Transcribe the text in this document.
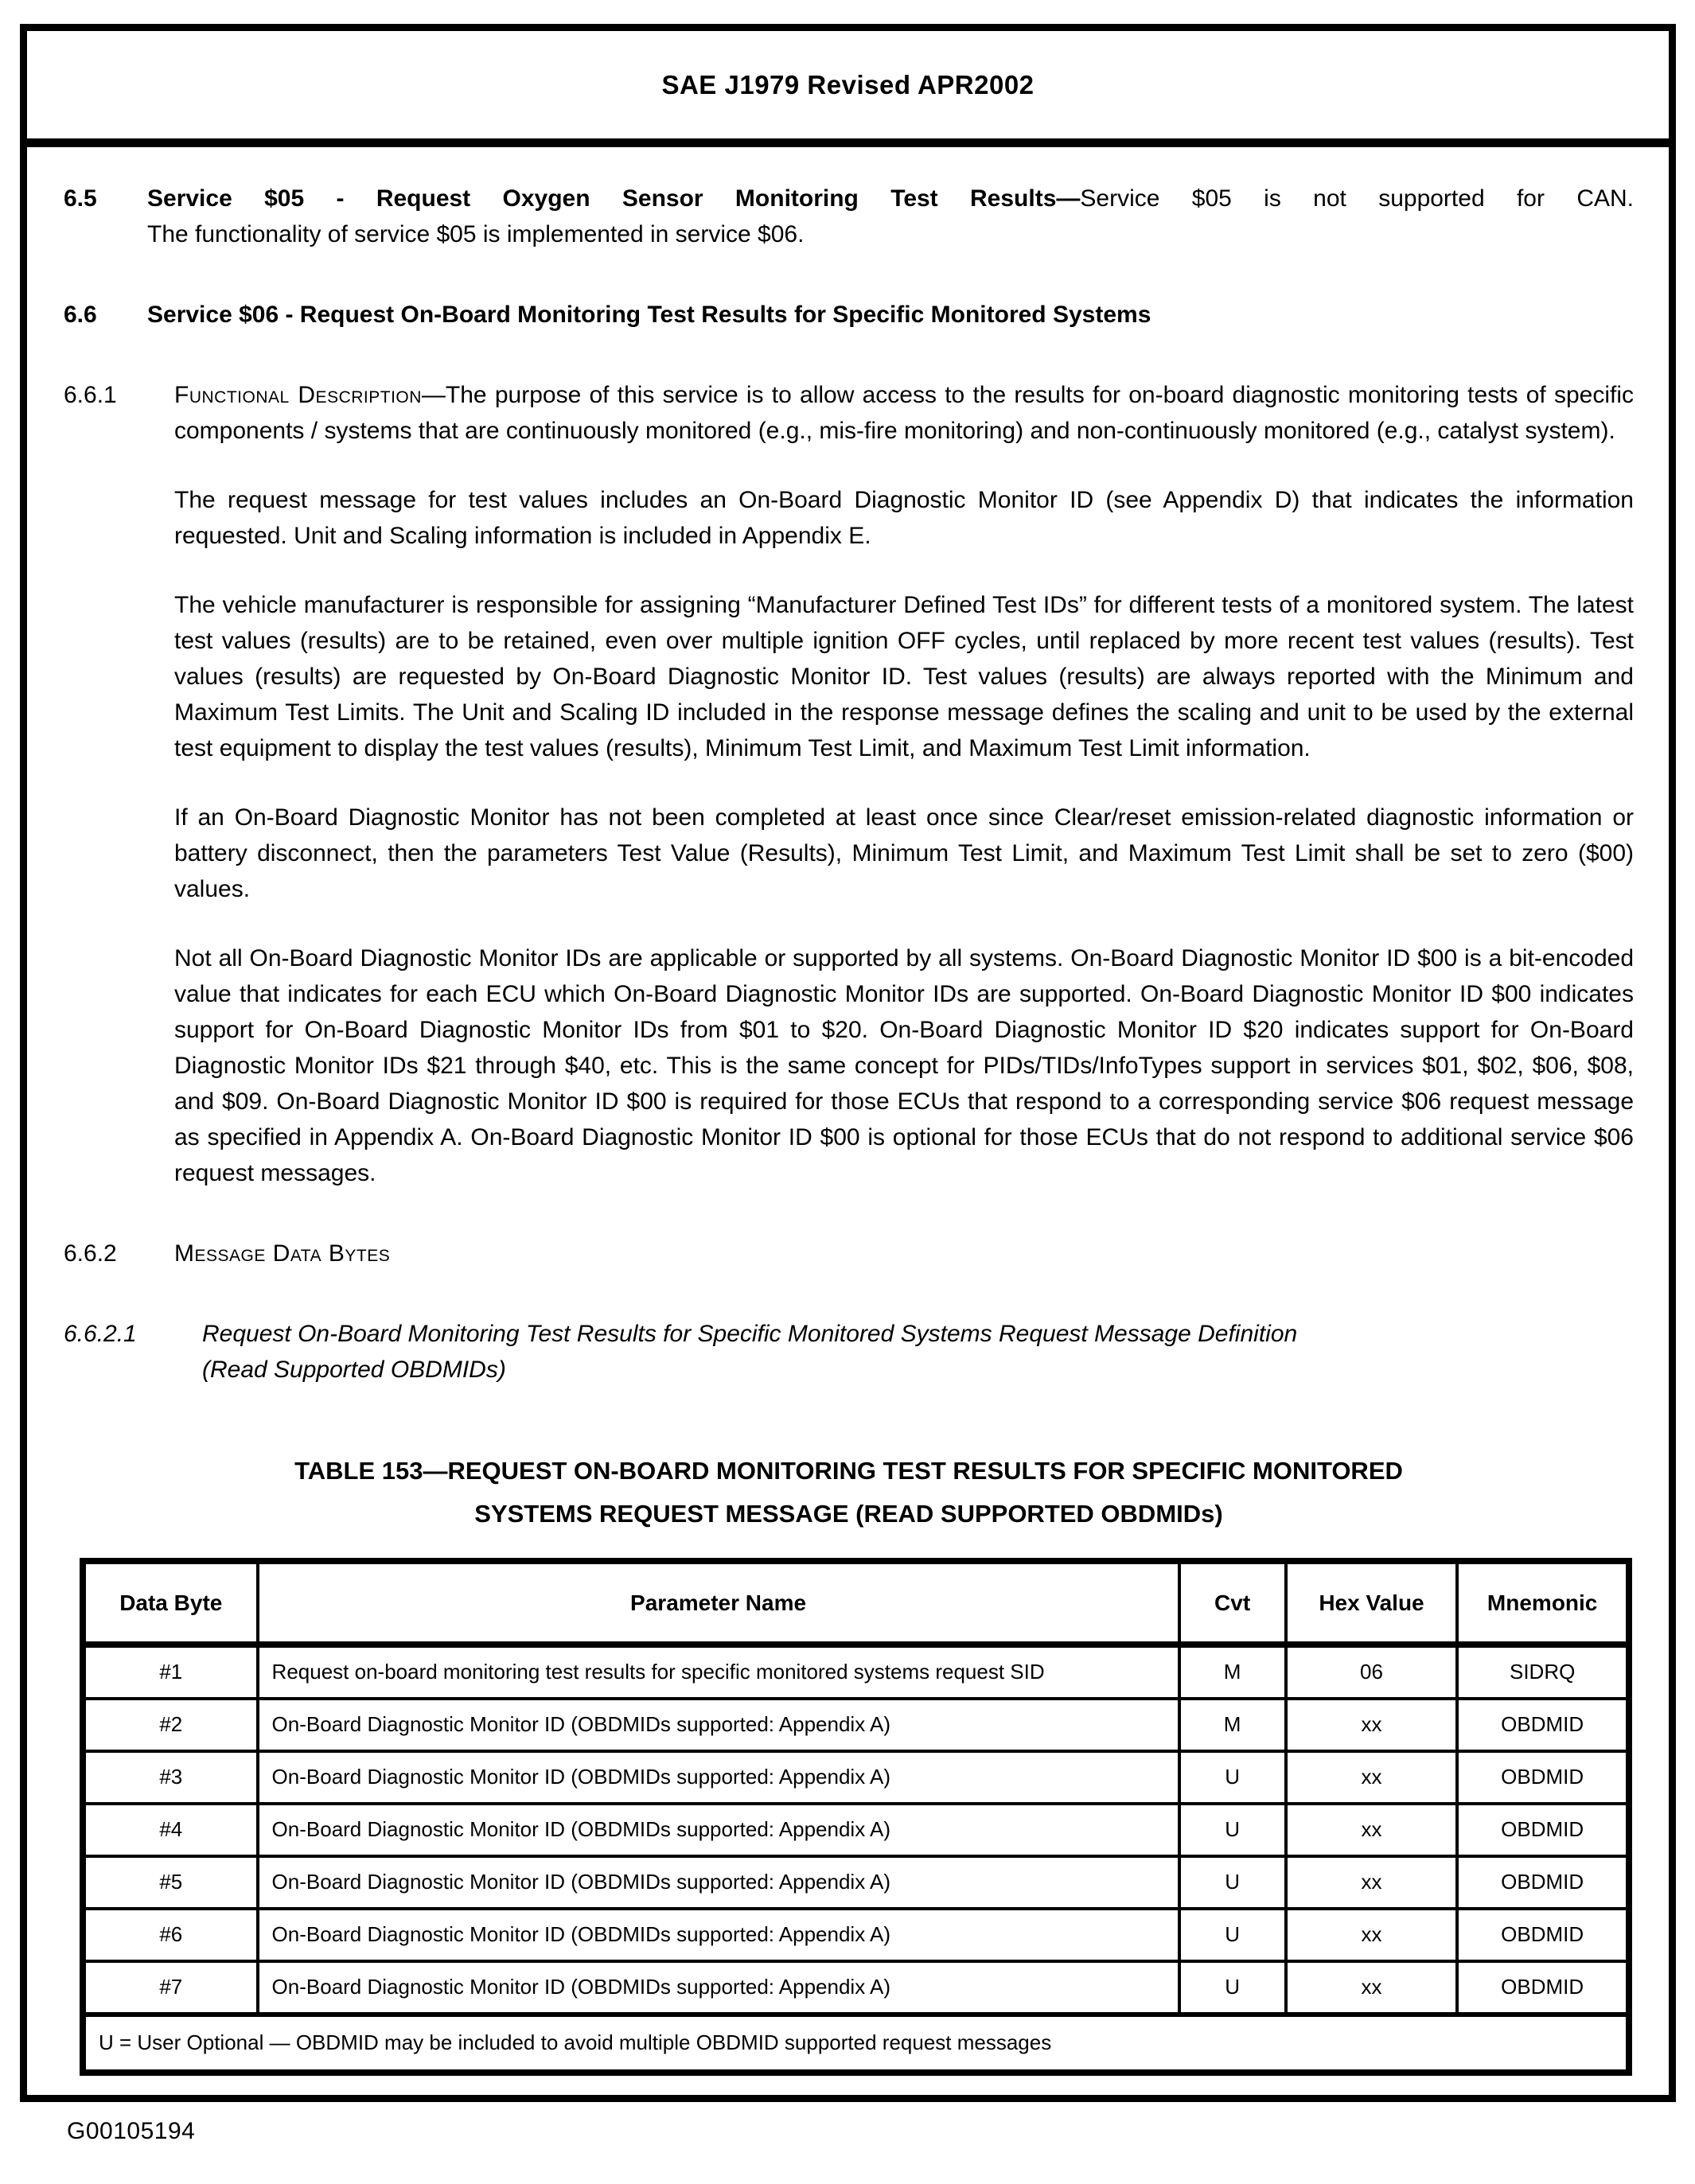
SAE J1979 Revised APR2002
6.5	Service $05 - Request Oxygen Sensor Monitoring Test Results—Service $05 is not supported for CAN.
The functionality of service $05 is implemented in service $06.
6.6	Service $06 - Request On-Board Monitoring Test Results for Specific Monitored Systems
6.6.1	Functional Description—The purpose of this service is to allow access to the results for on-board diagnostic monitoring tests of specific components / systems that are continuously monitored (e.g., mis-fire monitoring) and non-continuously monitored (e.g., catalyst system).
The request message for test values includes an On-Board Diagnostic Monitor ID (see Appendix D) that indicates the information requested. Unit and Scaling information is included in Appendix E.
The vehicle manufacturer is responsible for assigning “Manufacturer Defined Test IDs” for different tests of a monitored system. The latest test values (results) are to be retained, even over multiple ignition OFF cycles, until replaced by more recent test values (results). Test values (results) are requested by On-Board Diagnostic Monitor ID. Test values (results) are always reported with the Minimum and Maximum Test Limits. The Unit and Scaling ID included in the response message defines the scaling and unit to be used by the external test equipment to display the test values (results), Minimum Test Limit, and Maximum Test Limit information.
If an On-Board Diagnostic Monitor has not been completed at least once since Clear/reset emission-related diagnostic information or battery disconnect, then the parameters Test Value (Results), Minimum Test Limit, and Maximum Test Limit shall be set to zero ($00) values.
Not all On-Board Diagnostic Monitor IDs are applicable or supported by all systems. On-Board Diagnostic Monitor ID $00 is a bit-encoded value that indicates for each ECU which On-Board Diagnostic Monitor IDs are supported. On-Board Diagnostic Monitor ID $00 indicates support for On-Board Diagnostic Monitor IDs from $01 to $20. On-Board Diagnostic Monitor ID $20 indicates support for On-Board Diagnostic Monitor IDs $21 through $40, etc. This is the same concept for PIDs/TIDs/InfoTypes support in services $01, $02, $06, $08, and $09. On-Board Diagnostic Monitor ID $00 is required for those ECUs that respond to a corresponding service $06 request message as specified in Appendix A. On-Board Diagnostic Monitor ID $00 is optional for those ECUs that do not respond to additional service $06 request messages.
6.6.2	Message Data Bytes
6.6.2.1	Request On-Board Monitoring Test Results for Specific Monitored Systems Request Message Definition
(Read Supported OBDMIDs)
TABLE 153—REQUEST ON-BOARD MONITORING TEST RESULTS FOR SPECIFIC MONITORED
SYSTEMS REQUEST MESSAGE (READ SUPPORTED OBDMIDs)
Data Byte	Parameter Name	Cvt	Hex Value	Mnemonic
#1	Request on-board monitoring test results for specific monitored systems request SID	M	06	SIDRQ
#2	On-Board Diagnostic Monitor ID (OBDMIDs supported: Appendix A)	M	xx	OBDMID
#3	On-Board Diagnostic Monitor ID (OBDMIDs supported: Appendix A)	U	xx	OBDMID
#4	On-Board Diagnostic Monitor ID (OBDMIDs supported: Appendix A)	U	xx	OBDMID
#5	On-Board Diagnostic Monitor ID (OBDMIDs supported: Appendix A)	U	xx	OBDMID
#6	On-Board Diagnostic Monitor ID (OBDMIDs supported: Appendix A)	U	xx	OBDMID
#7	On-Board Diagnostic Monitor ID (OBDMIDs supported: Appendix A)	U	xx	OBDMID
U = User Optional — OBDMID may be included to avoid multiple OBDMID supported request messages				
G00105194
